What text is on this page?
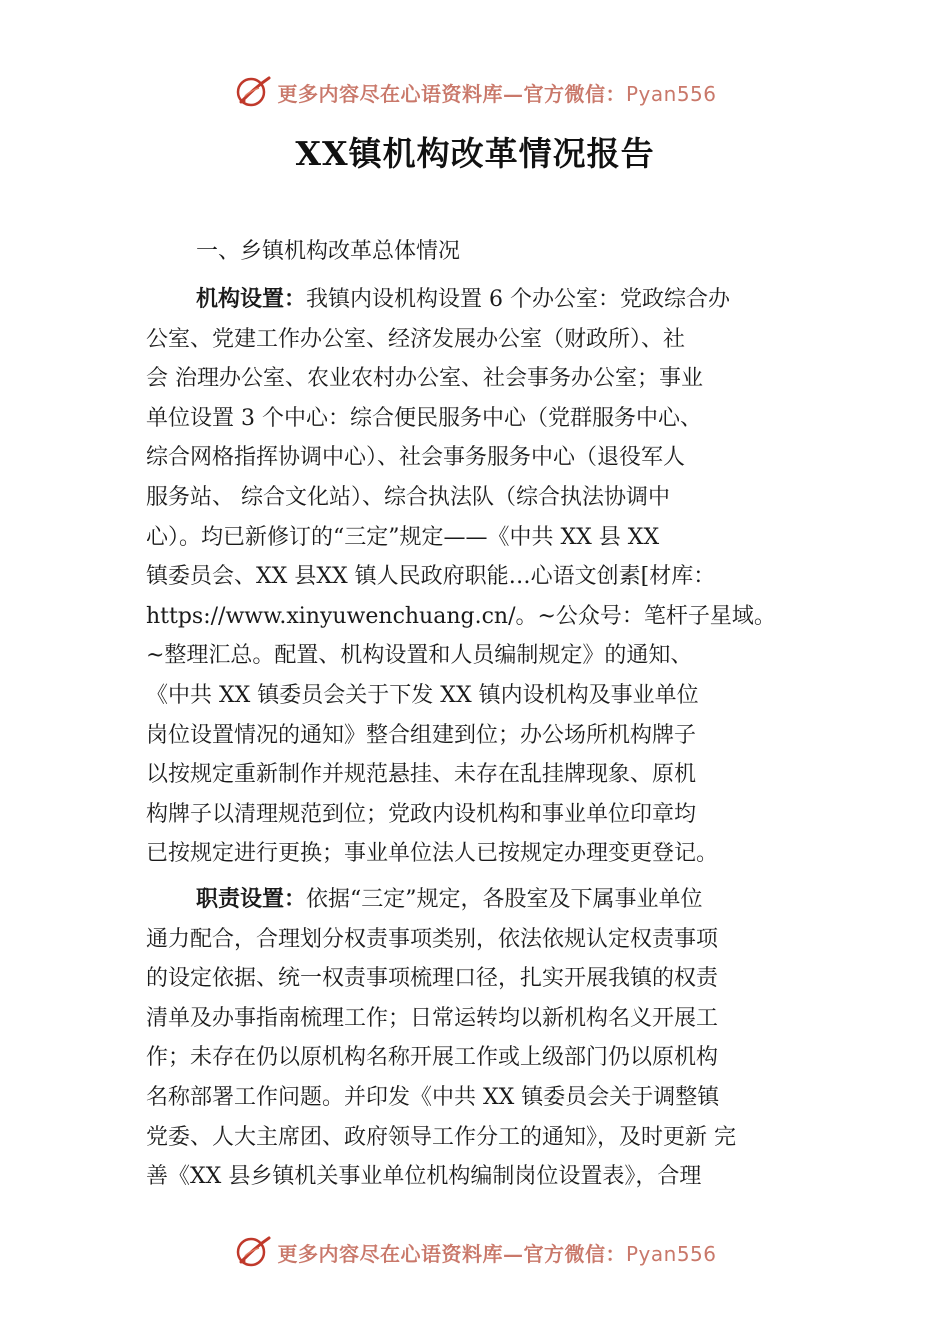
更多内容尽在心语资料库—官方微信：Pyan556
XX镇机构改革情况报告
一、乡镇机构改革总体情况
机构设置：我镇内设机构设置 6 个办公室：党政综合办
公室、党建工作办公室、经济发展办公室（财政所）、社
会 治理办公室、农业农村办公室、社会事务办公室；事业
单位设置 3 个中心：综合便民服务中心（党群服务中心、
综合网格指挥协调中心）、社会事务服务中心（退役军人
服务站、 综合文化站）、综合执法队（综合执法协调中
心）。均已新修订的“三定”规定——《中共 XX 县 XX
镇委员会、XX 县XX 镇人民政府职能…心语文创素[材库：
https://www.xinyuwenchuang.cn/。~公众号：笔杆子星域。
~整理汇总。配置、机构设置和人员编制规定》的通知、
《中共 XX 镇委员会关于下发 XX 镇内设机构及事业单位
岗位设置情况的通知》整合组建到位；办公场所机构牌子
以按规定重新制作并规范悬挂、未存在乱挂牌现象、原机
构牌子以清理规范到位；党政内设机构和事业单位印章均
已按规定进行更换；事业单位法人已按规定办理变更登记。
职责设置：依据“三定”规定，各股室及下属事业单位
通力配合，合理划分权责事项类别，依法依规认定权责事项
的设定依据、统一权责事项梳理口径，扎实开展我镇的权责
清单及办事指南梳理工作；日常运转均以新机构名义开展工
作；未存在仍以原机构名称开展工作或上级部门仍以原机构
名称部署工作问题。并印发《中共 XX 镇委员会关于调整镇
党委、人大主席团、政府领导工作分工的通知》，及时更新 完
善《XX 县乡镇机关事业单位机构编制岗位设置表》，合理
更多内容尽在心语资料库—官方微信：Pyan556
